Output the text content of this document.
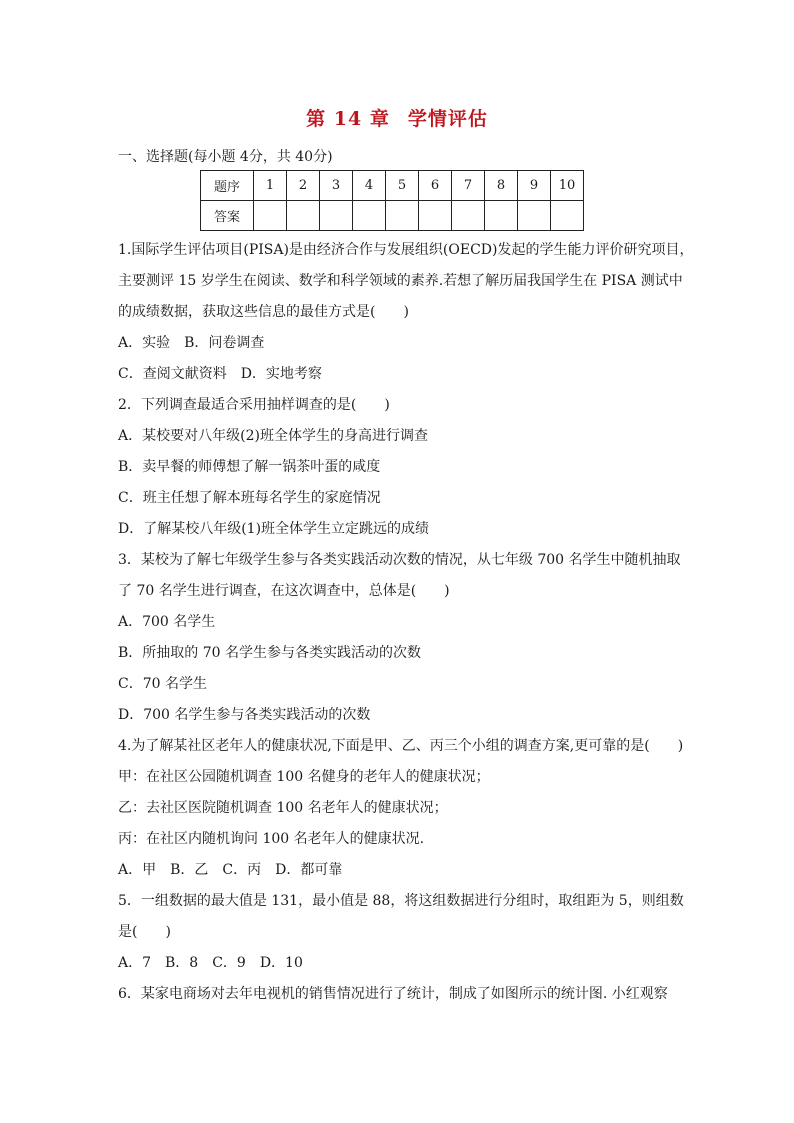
第 14 章 学情评估
一、选择题(每小题 4分，共 40分)
题序	1	2	3	4	5	6	7	8	9	10
答案										
1.国际学生评估项目(PISA)是由经济合作与发展组织(OECD)发起的学生能力评价研究项目，
主要测评 15 岁学生在阅读、数学和科学领域的素养.若想了解历届我国学生在 PISA 测试中
的成绩数据，获取这些信息的最佳方式是(　　)
A．实验　B．问卷调查
C．查阅文献资料　D．实地考察
2．下列调查最适合采用抽样调查的是(　　)
A．某校要对八年级(2)班全体学生的身高进行调查
B．卖早餐的师傅想了解一锅茶叶蛋的咸度
C．班主任想了解本班每名学生的家庭情况
D．了解某校八年级(1)班全体学生立定跳远的成绩
3．某校为了解七年级学生参与各类实践活动次数的情况，从七年级 700 名学生中随机抽取
了 70 名学生进行调查，在这次调查中，总体是(　　)
A．700 名学生
B．所抽取的 70 名学生参与各类实践活动的次数
C．70 名学生
D．700 名学生参与各类实践活动的次数
4.为了解某社区老年人的健康状况,下面是甲、乙、丙三个小组的调查方案,更可靠的是(　　)
甲：在社区公园随机调查 100 名健身的老年人的健康状况；
乙：去社区医院随机调查 100 名老年人的健康状况；
丙：在社区内随机询问 100 名老年人的健康状况.
A．甲　B．乙　C．丙　D．都可靠
5．一组数据的最大值是 131，最小值是 88，将这组数据进行分组时，取组距为 5，则组数
是(　　)
A．7　B．8　C．9　D．10
6．某家电商场对去年电视机的销售情况进行了统计，制成了如图所示的统计图. 小红观察
